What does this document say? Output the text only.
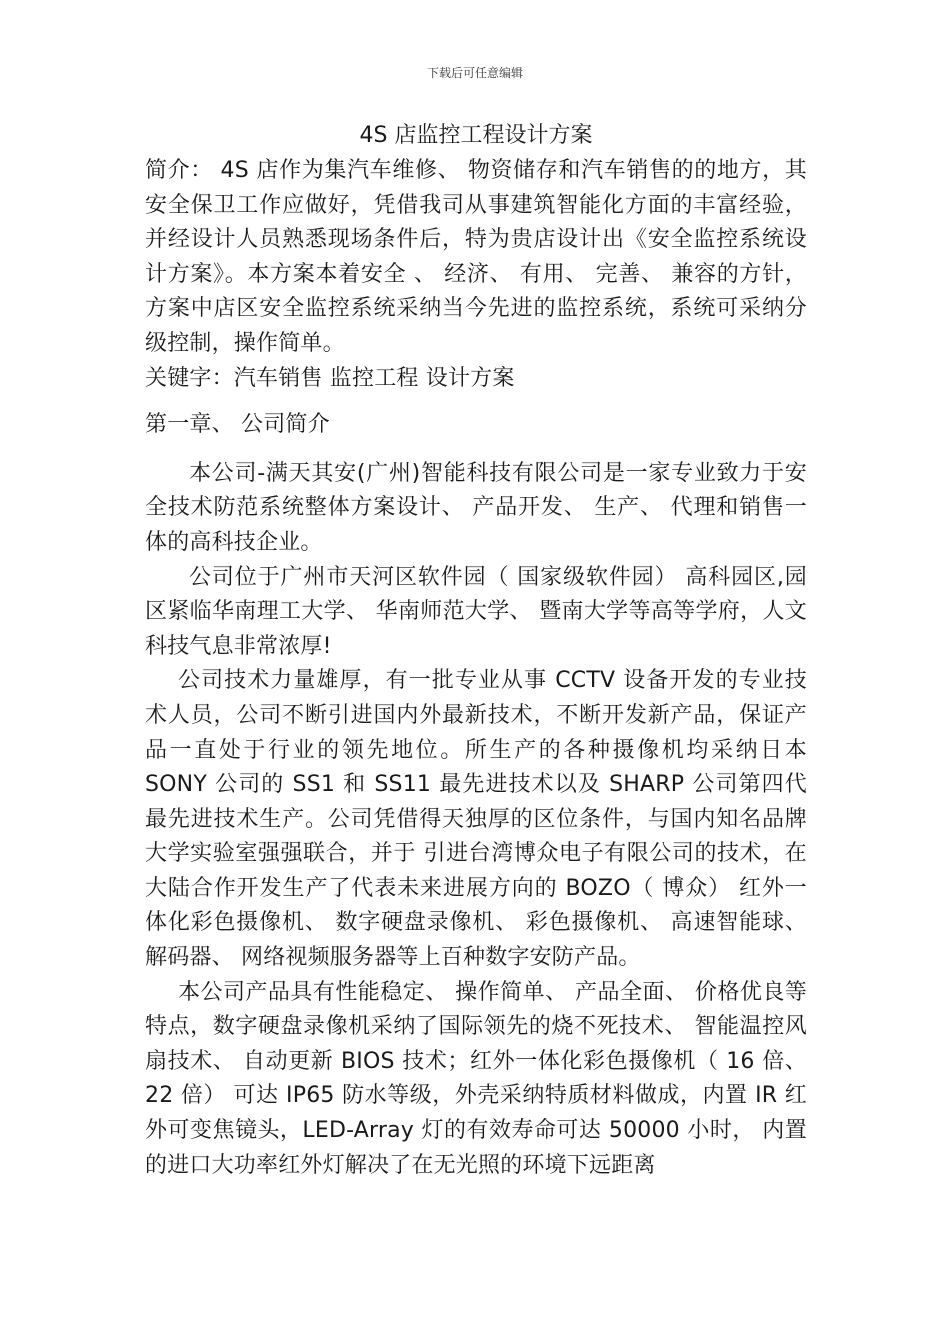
下载后可任意编辑
4S 店监控工程设计方案

简介： 4S 店作为集汽车维修、 物资储存和汽车销售的的地方，其安全保卫工作应做好，凭借我司从事建筑智能化方面的丰富经验，并经设计人员熟悉现场条件后，特为贵店设计出《安全监控系统设计方案》。本方案本着安全 、 经济、 有用、 完善、 兼容的方针，方案中店区安全监控系统采纳当今先进的监控系统，系统可采纳分级控制，操作简单。

关键字：汽车销售 监控工程 设计方案

第一章、 公司简介

本公司-满天其安(广州)智能科技有限公司是一家专业致力于安全技术防范系统整体方案设计、 产品开发、 生产、 代理和销售一体的高科技企业。

公司位于广州市天河区软件园（ 国家级软件园） 高科园区,园区紧临华南理工大学、 华南师范大学、 暨南大学等高等学府，人文科技气息非常浓厚!

公司技术力量雄厚，有一批专业从事 CCTV 设备开发的专业技术人员，公司不断引进国内外最新技术，不断开发新产品，保证产品一直处于行业的领先地位。所生产的各种摄像机均采纳日本 SONY 公司的 SS1 和 SS11 最先进技术以及 SHARP 公司第四代最先进技术生产。公司凭借得天独厚的区位条件，与国内知名品牌大学实验室强强联合，并于 引进台湾博众电子有限公司的技术，在大陆合作开发生产了代表未来进展方向的 BOZO（ 博众） 红外一体化彩色摄像机、 数字硬盘录像机、 彩色摄像机、 高速智能球、 解码器、 网络视频服务器等上百种数字安防产品。

本公司产品具有性能稳定、 操作简单、 产品全面、 价格优良等特点，数字硬盘录像机采纳了国际领先的烧不死技术、 智能温控风扇技术、 自动更新 BIOS 技术；红外一体化彩色摄像机（ 16 倍、 22 倍） 可达 IP65 防水等级，外壳采纳特质材料做成，内置 IR 红外可变焦镜头，LED-Array 灯的有效寿命可达 50000 小时， 内置的进口大功率红外灯解决了在无光照的环境下远距离
